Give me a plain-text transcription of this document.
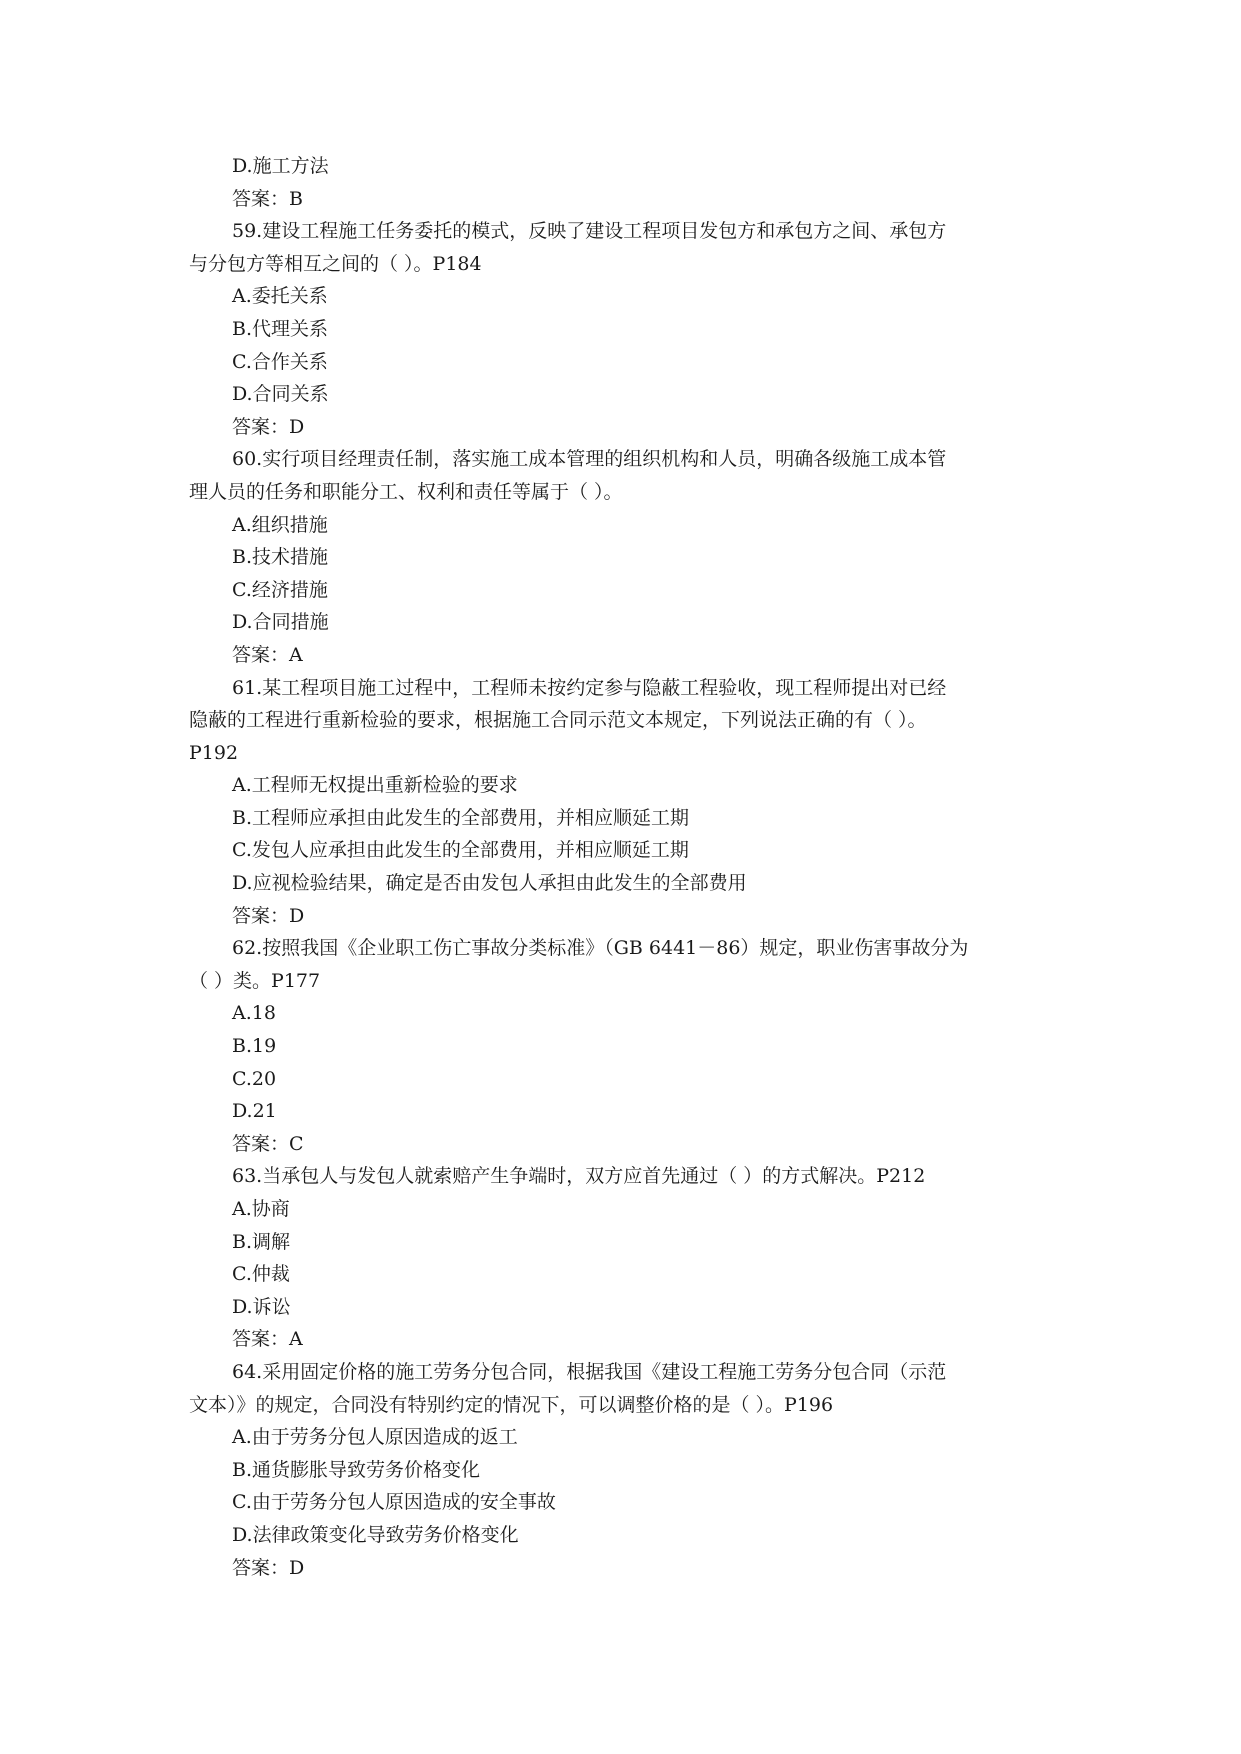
D.施工方法

答案：B

59.建设工程施工任务委托的模式，反映了建设工程项目发包方和承包方之间、承包方

与分包方等相互之间的（ ）。P184

A.委托关系

B.代理关系

C.合作关系

D.合同关系

答案：D

60.实行项目经理责任制，落实施工成本管理的组织机构和人员，明确各级施工成本管

理人员的任务和职能分工、权利和责任等属于（ ）。

A.组织措施

B.技术措施

C.经济措施

D.合同措施

答案：A

61.某工程项目施工过程中，工程师未按约定参与隐蔽工程验收，现工程师提出对已经

隐蔽的工程进行重新检验的要求，根据施工合同示范文本规定，下列说法正确的有（ ）。

P192

A.工程师无权提出重新检验的要求

B.工程师应承担由此发生的全部费用，并相应顺延工期

C.发包人应承担由此发生的全部费用，并相应顺延工期

D.应视检验结果，确定是否由发包人承担由此发生的全部费用

答案：D

62.按照我国《企业职工伤亡事故分类标准》（GB 6441－86）规定，职业伤害事故分为

（ ）类。P177

A.18

B.19

C.20

D.21

答案：C

63.当承包人与发包人就索赔产生争端时，双方应首先通过（ ）的方式解决。P212

A.协商

B.调解

C.仲裁

D.诉讼

答案：A

64.采用固定价格的施工劳务分包合同，根据我国《建设工程施工劳务分包合同（示范

文本）》的规定，合同没有特别约定的情况下，可以调整价格的是（ ）。P196

A.由于劳务分包人原因造成的返工

B.通货膨胀导致劳务价格变化

C.由于劳务分包人原因造成的安全事故

D.法律政策变化导致劳务价格变化

答案：D
